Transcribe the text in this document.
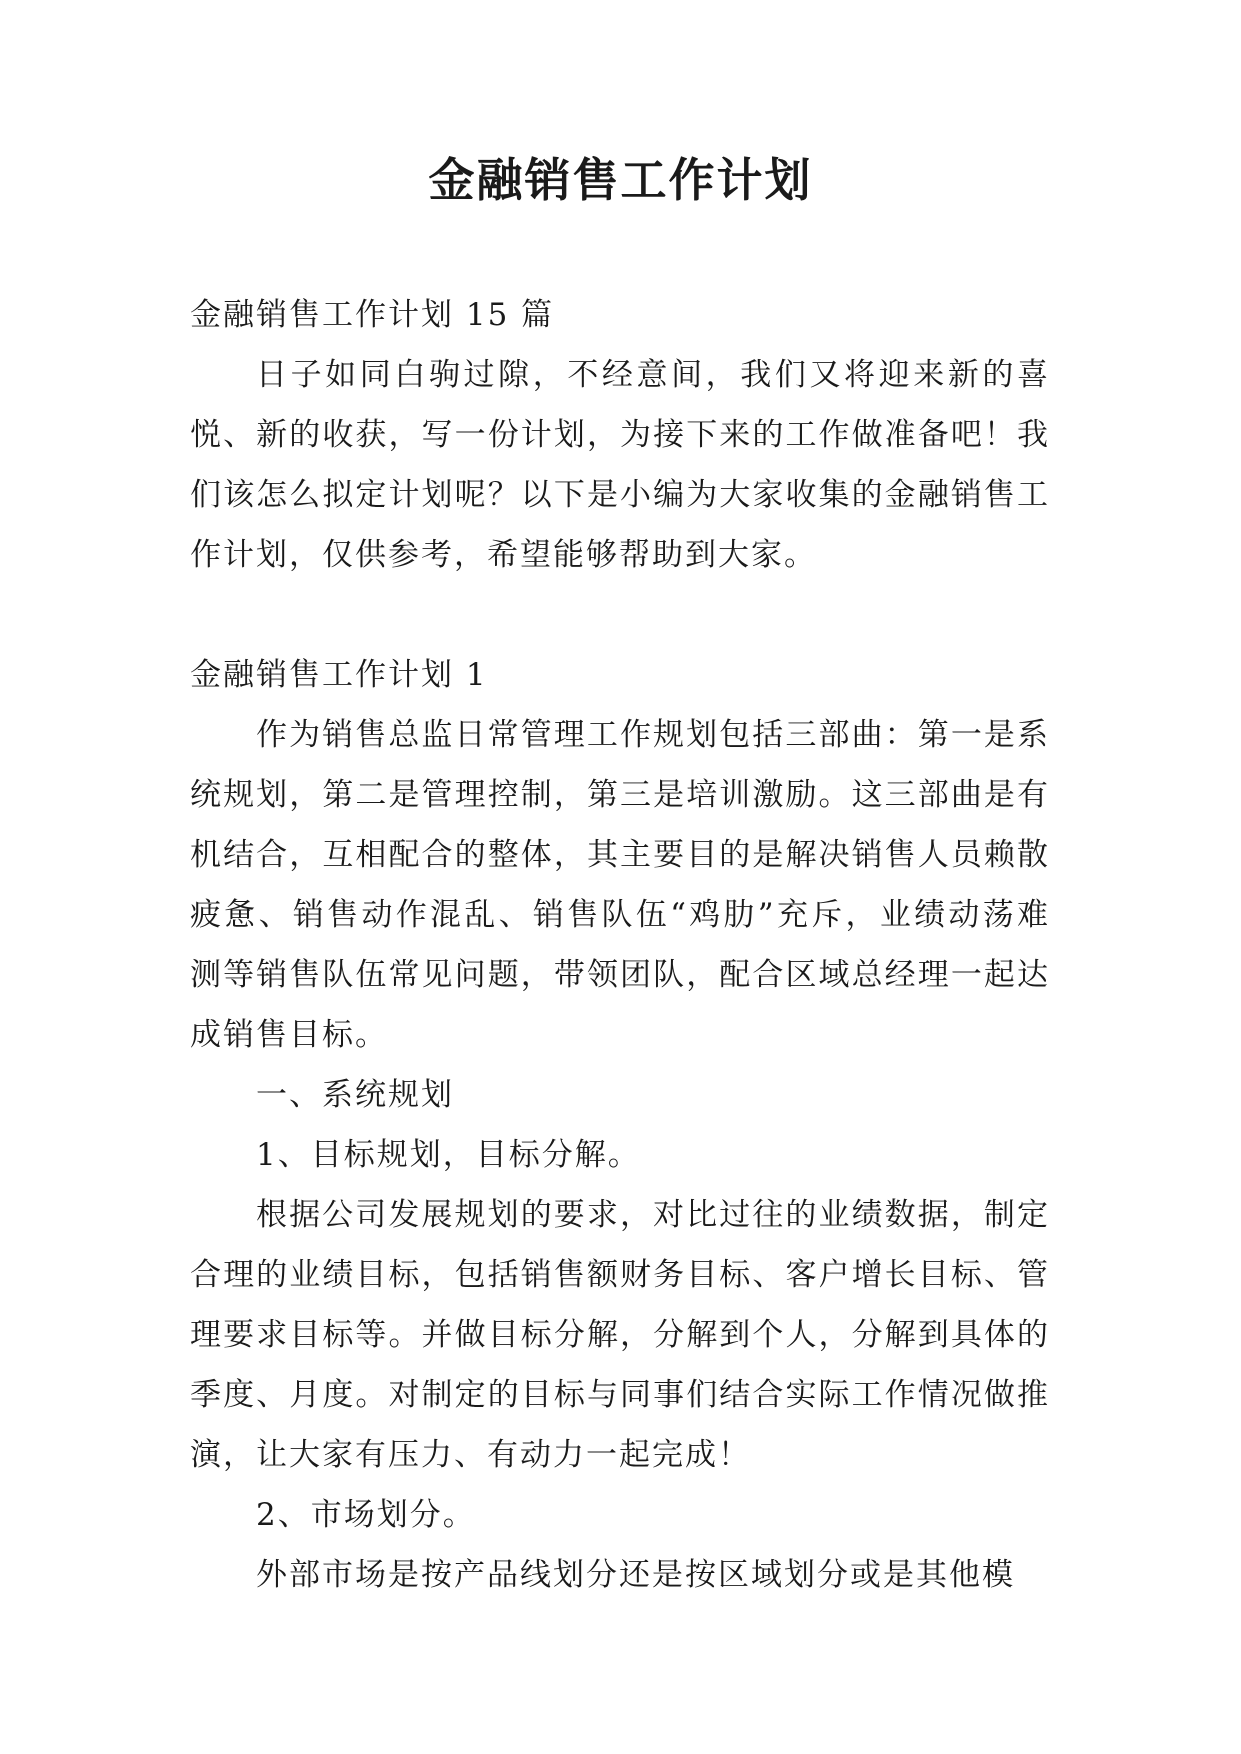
金融销售工作计划

金融销售工作计划 15 篇

日子如同白驹过隙，不经意间，我们又将迎来新的喜悦、新的收获，写一份计划，为接下来的工作做准备吧！我们该怎么拟定计划呢？以下是小编为大家收集的金融销售工作计划，仅供参考，希望能够帮助到大家。

金融销售工作计划 1

作为销售总监日常管理工作规划包括三部曲：第一是系统规划，第二是管理控制，第三是培训激励。这三部曲是有机结合，互相配合的整体，其主要目的是解决销售人员赖散疲惫、销售动作混乱、销售队伍“鸡肋”充斥，业绩动荡难测等销售队伍常见问题，带领团队，配合区域总经理一起达成销售目标。

一、系统规划

1、目标规划，目标分解。

根据公司发展规划的要求，对比过往的业绩数据，制定合理的业绩目标，包括销售额财务目标、客户增长目标、管理要求目标等。并做目标分解，分解到个人，分解到具体的季度、月度。对制定的目标与同事们结合实际工作情况做推演，让大家有压力、有动力一起完成！

2、市场划分。

外部市场是按产品线划分还是按区域划分或是其他模
